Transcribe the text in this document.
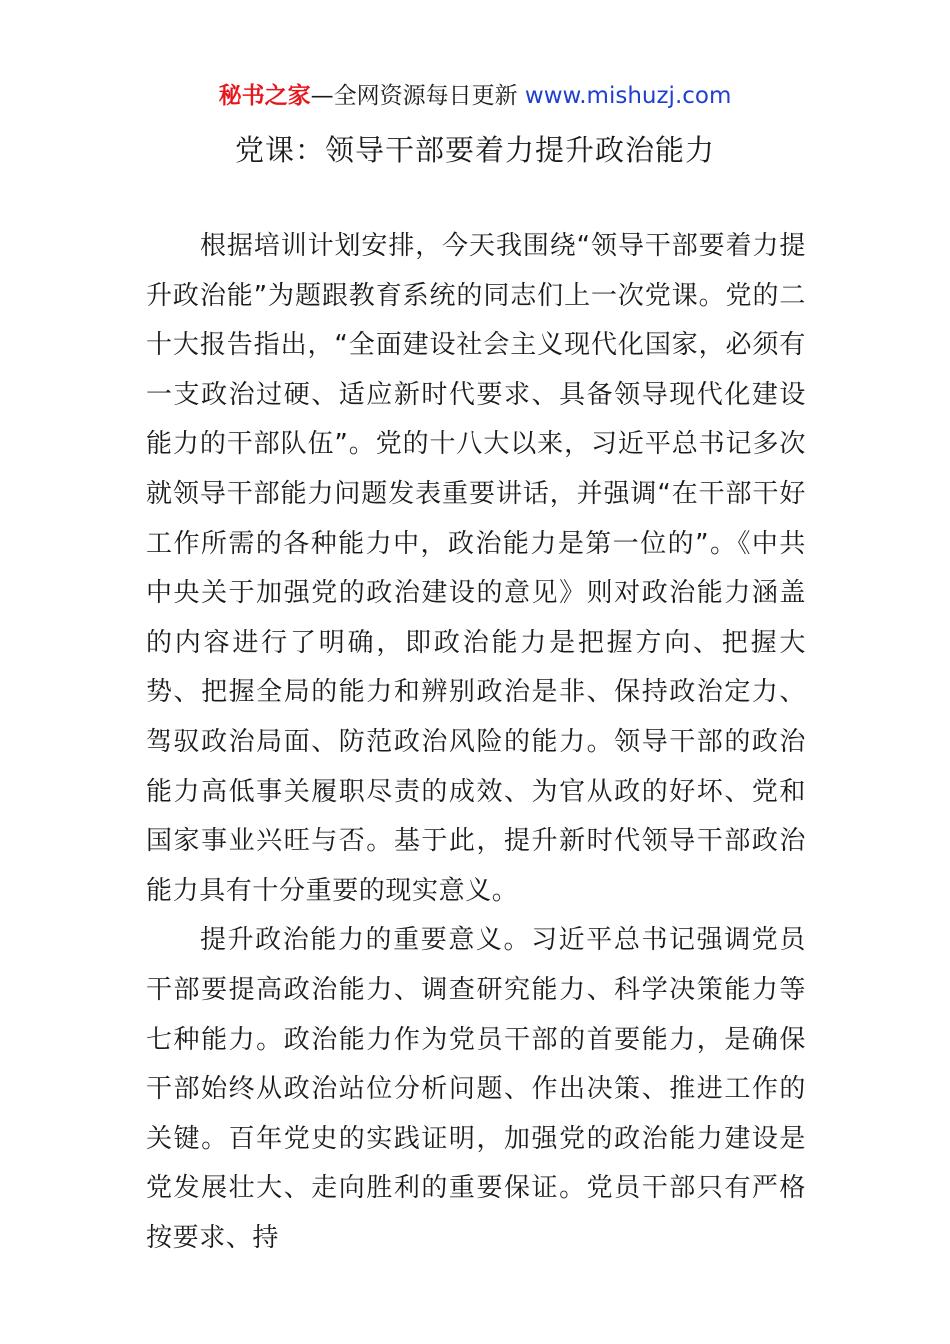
秘书之家—全网资源每日更新 www.mishuzj.com
党课：领导干部要着力提升政治能力

根据培训计划安排，今天我围绕“领导干部要着力提升政治能”为题跟教育系统的同志们上一次党课。党的二十大报告指出，“全面建设社会主义现代化国家，必须有一支政治过硬、适应新时代要求、具备领导现代化建设能力的干部队伍”。党的十八大以来，习近平总书记多次就领导干部能力问题发表重要讲话，并强调“在干部干好工作所需的各种能力中，政治能力是第一位的”。《中共中央关于加强党的政治建设的意见》则对政治能力涵盖的内容进行了明确，即政治能力是把握方向、把握大势、把握全局的能力和辨别政治是非、保持政治定力、驾驭政治局面、防范政治风险的能力。领导干部的政治能力高低事关履职尽责的成效、为官从政的好坏、党和国家事业兴旺与否。基于此，提升新时代领导干部政治能力具有十分重要的现实意义。

提升政治能力的重要意义。习近平总书记强调党员干部要提高政治能力、调查研究能力、科学决策能力等七种能力。政治能力作为党员干部的首要能力，是确保干部始终从政治站位分析问题、作出决策、推进工作的关键。百年党史的实践证明，加强党的政治能力建设是党发展壮大、走向胜利的重要保证。党员干部只有严格按要求、持
